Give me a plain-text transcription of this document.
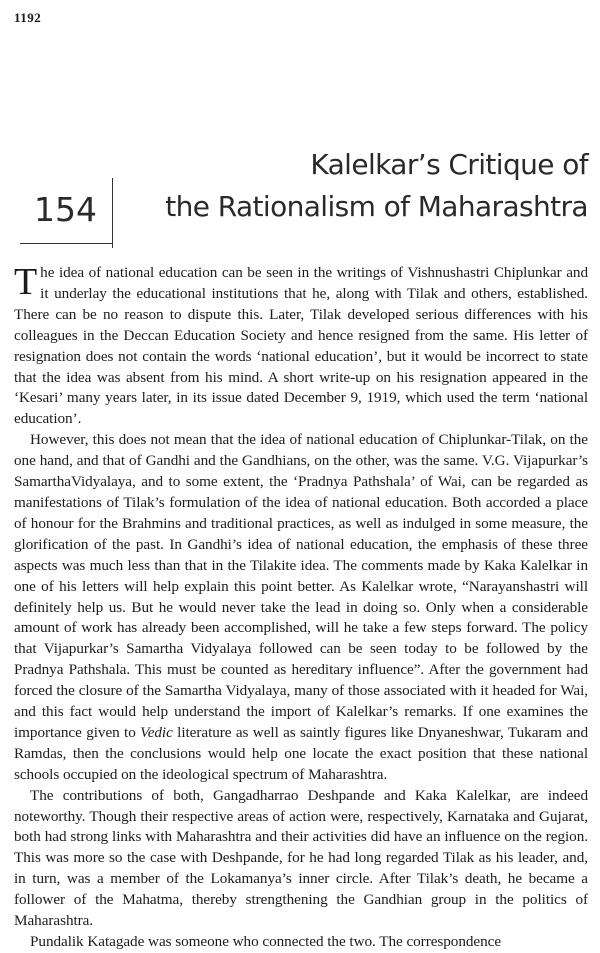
1192
154
Kalelkar’s Critique of
the Rationalism of Maharashtra

The idea of national education can be seen in the writings of Vishnushastri Chiplunkar and it underlay the educational institutions that he, along with Tilak and others, established. There can be no reason to dispute this. Later, Tilak developed serious differences with his colleagues in the Deccan Education Society and hence resigned from the same. His letter of resignation does not contain the words ‘national education’, but it would be incorrect to state that the idea was absent from his mind. A short write-up on his resignation appeared in the ‘Kesari’ many years later, in its issue dated December 9, 1919, which used the term ‘national education’.

However, this does not mean that the idea of national education of Chiplunkar-Tilak, on the one hand, and that of Gandhi and the Gandhians, on the other, was the same. V.G. Vijapurkar’s SamarthaVidyalaya, and to some extent, the ‘Pradnya Pathshala’ of Wai, can be regarded as manifestations of Tilak’s formulation of the idea of national education. Both accorded a place of honour for the Brahmins and traditional practices, as well as indulged in some measure, the glorification of the past. In Gandhi’s idea of national education, the emphasis of these three aspects was much less than that in the Tilakite idea. The comments made by Kaka Kalelkar in one of his letters will help explain this point better. As Kalelkar wrote, “Narayanshastri will definitely help us. But he would never take the lead in doing so. Only when a considerable amount of work has already been accomplished, will he take a few steps forward. The policy that Vijapurkar’s Samartha Vidyalaya followed can be seen today to be followed by the Pradnya Pathshala. This must be counted as hereditary influence”. After the government had forced the closure of the Samartha Vidyalaya, many of those associated with it headed for Wai, and this fact would help understand the import of Kalelkar’s remarks. If one examines the importance given to Vedic literature as well as saintly figures like Dnyaneshwar, Tukaram and Ramdas, then the conclusions would help one locate the exact position that these national schools occupied on the ideological spectrum of Maharashtra.

The contributions of both, Gangadharrao Deshpande and Kaka Kalelkar, are indeed noteworthy. Though their respective areas of action were, respectively, Karnataka and Gujarat, both had strong links with Maharashtra and their activities did have an influence on the region. This was more so the case with Deshpande, for he had long regarded Tilak as his leader, and, in turn, was a member of the Lokamanya’s inner circle. After Tilak’s death, he became a follower of the Mahatma, thereby strengthening the Gandhian group in the politics of Maharashtra.

Pundalik Katagade was someone who connected the two. The correspondence
